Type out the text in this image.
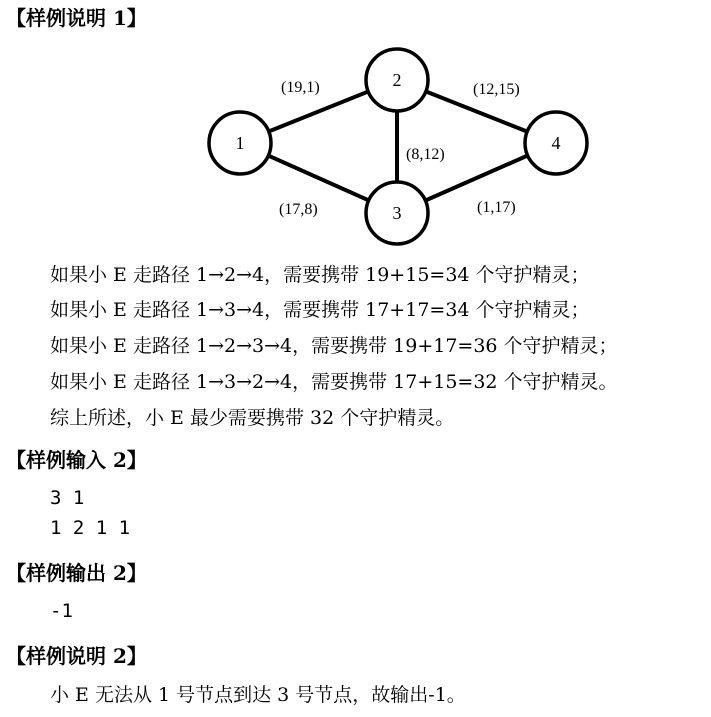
【样例说明 1】
(19,1)	(12,15)
(8,12)
(17,8)	(1,17)
1
2
3
4
如果小 E 走路径 1→2→4，需要携带 19+15=34 个守护精灵；
如果小 E 走路径 1→3→4，需要携带 17+17=34 个守护精灵；
如果小 E 走路径 1→2→3→4，需要携带 19+17=36 个守护精灵；
如果小 E 走路径 1→3→2→4，需要携带 17+15=32 个守护精灵。
综上所述，小 E 最少需要携带 32 个守护精灵。
【样例输入 2】
3 1
1 2 1 1
【样例输出 2】
-1
【样例说明 2】
小 E 无法从 1 号节点到达 3 号节点，故输出-1。
